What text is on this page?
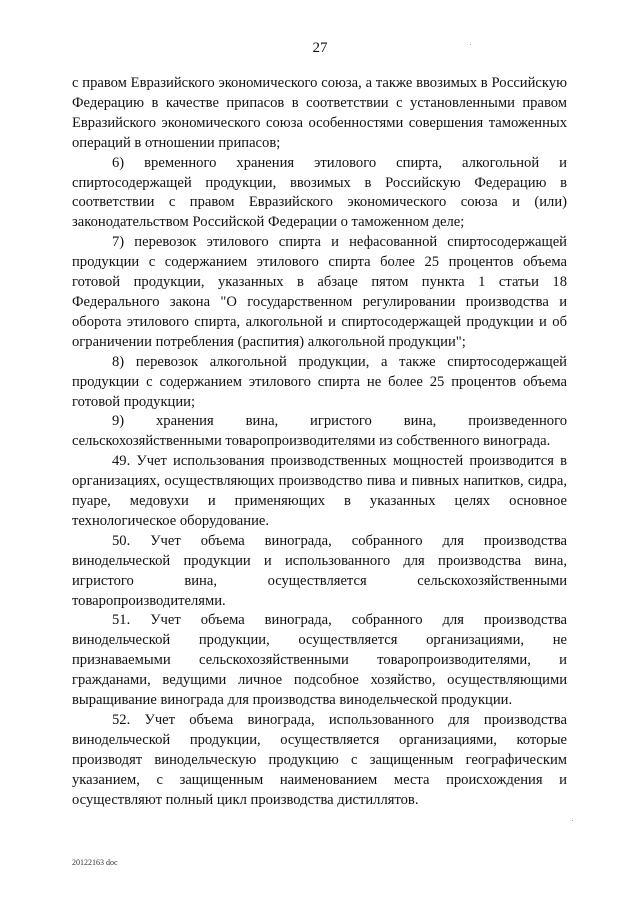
27

с правом Евразийского экономического союза, а также ввозимых в Российскую Федерацию в качестве припасов в соответствии с установленными правом Евразийского экономического союза особенностями совершения таможенных операций в отношении припасов;

6) временного хранения этилового спирта, алкогольной и спиртосодержащей продукции, ввозимых в Российскую Федерацию в соответствии с правом Евразийского экономического союза и (или) законодательством Российской Федерации о таможенном деле;

7) перевозок этилового спирта и нефасованной спиртосодержащей продукции с содержанием этилового спирта более 25 процентов объема готовой продукции, указанных в абзаце пятом пункта 1 статьи 18 Федерального закона "О государственном регулировании производства и оборота этилового спирта, алкогольной и спиртосодержащей продукции и об ограничении потребления (распития) алкогольной продукции";

8) перевозок алкогольной продукции, а также спиртосодержащей продукции с содержанием этилового спирта не более 25 процентов объема готовой продукции;

9) хранения вина, игристого вина, произведенного сельскохозяйственными товаропроизводителями из собственного винограда.

49. Учет использования производственных мощностей производится в организациях, осуществляющих производство пива и пивных напитков, сидра, пуаре, медовухи и применяющих в указанных целях основное технологическое оборудование.

50. Учет объема винограда, собранного для производства винодельческой продукции и использованного для производства вина, игристого вина, осуществляется сельскохозяйственными товаропроизводителями.

51. Учет объема винограда, собранного для производства винодельческой продукции, осуществляется организациями, не признаваемыми сельскохозяйственными товаропроизводителями, и гражданами, ведущими личное подсобное хозяйство, осуществляющими выращивание винограда для производства винодельческой продукции.

52. Учет объема винограда, использованного для производства винодельческой продукции, осуществляется организациями, которые производят винодельческую продукцию с защищенным географическим указанием, с защищенным наименованием места происхождения и осуществляют полный цикл производства дистиллятов.

20122163 doc
